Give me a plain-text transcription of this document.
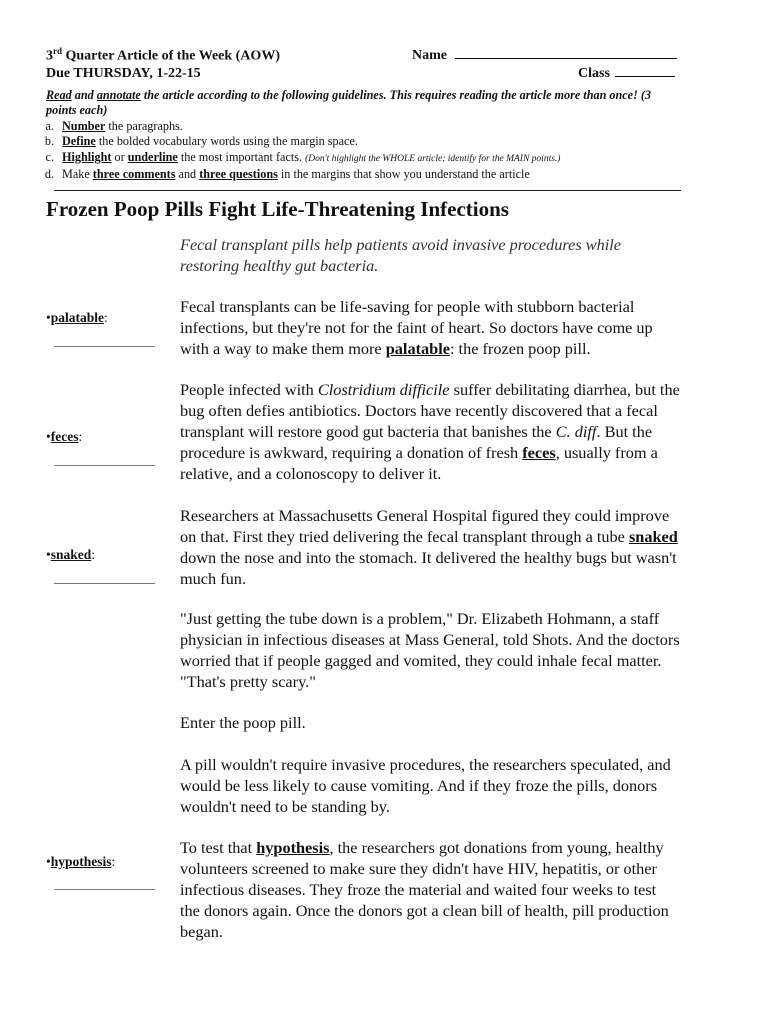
3rd Quarter Article of the Week (AOW)	Name
Due THURSDAY, 1-22-15	Class
Read and annotate the article according to the following guidelines. This requires reading the article more than once! (3 points each)
a. Number the paragraphs.
b. Define the bolded vocabulary words using the margin space.
c. Highlight or underline the most important facts. (Don't highlight the WHOLE article; identify for the MAIN points.)
d. Make three comments and three questions in the margins that show you understand the article
Frozen Poop Pills Fight Life-Threatening Infections
Fecal transplant pills help patients avoid invasive procedures while restoring healthy gut bacteria.
Fecal transplants can be life-saving for people with stubborn bacterial infections, but they're not for the faint of heart. So doctors have come up with a way to make them more palatable: the frozen poop pill.
People infected with Clostridium difficile suffer debilitating diarrhea, but the bug often defies antibiotics. Doctors have recently discovered that a fecal transplant will restore good gut bacteria that banishes the C. diff. But the procedure is awkward, requiring a donation of fresh feces, usually from a relative, and a colonoscopy to deliver it.
Researchers at Massachusetts General Hospital figured they could improve on that. First they tried delivering the fecal transplant through a tube snaked down the nose and into the stomach. It delivered the healthy bugs but wasn't much fun.
"Just getting the tube down is a problem," Dr. Elizabeth Hohmann, a staff physician in infectious diseases at Mass General, told Shots. And the doctors worried that if people gagged and vomited, they could inhale fecal matter. "That's pretty scary."
Enter the poop pill.
A pill wouldn't require invasive procedures, the researchers speculated, and would be less likely to cause vomiting. And if they froze the pills, donors wouldn't need to be standing by.
To test that hypothesis, the researchers got donations from young, healthy volunteers screened to make sure they didn't have HIV, hepatitis, or other infectious diseases. They froze the material and waited four weeks to test the donors again. Once the donors got a clean bill of health, pill production began.
•palatable:
•feces:
•snaked:
•hypothesis:
